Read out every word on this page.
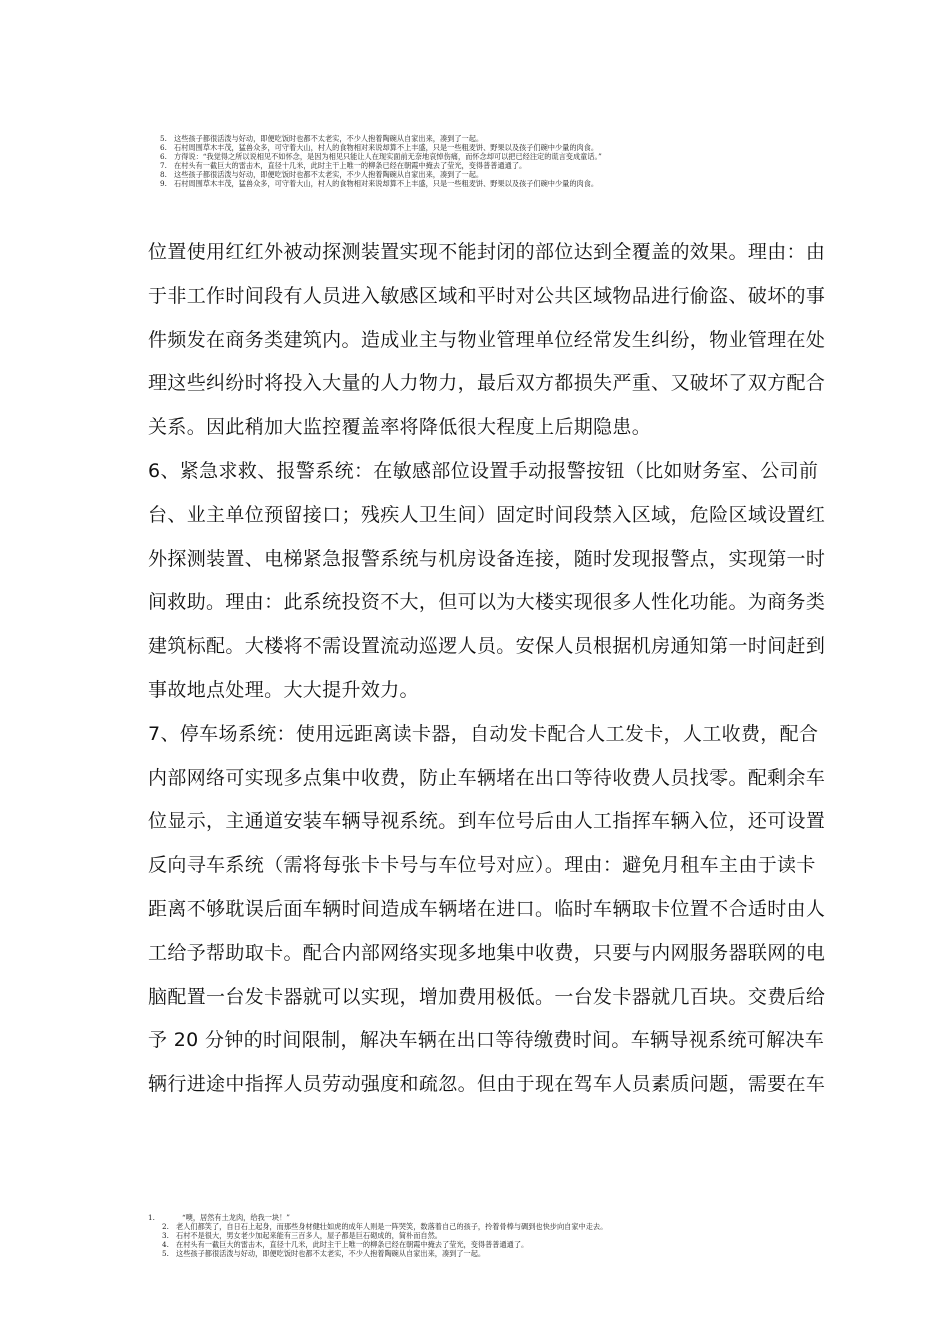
5. 这些孩子都很活泼与好动，即便吃饭时也都不太老实，不少人抱着陶碗从自家出来，凑到了一起。
6. 石村周围草木丰茂，猛兽众多，可守着大山，村人的食物相对来说却算不上丰盛，只是一些粗麦饼、野果以及孩子们碗中少量的肉食。
6. 方得说：“我觉得之所以说相见不如怀念，是因为相见只能让人在现实面前无奈地哀悼伤痛，而怀念却可以把已经注定的谎言变成童话。”
7. 在村头有一截巨大的雷击木，直径十几米，此时主干上唯一的柳条已经在朝霞中掩去了莹光，变得普普通通了。
8. 这些孩子都很活泼与好动，即便吃饭时也都不太老实，不少人抱着陶碗从自家出来，凑到了一起。
9. 石村周围草木丰茂，猛兽众多，可守着大山，村人的食物相对来说却算不上丰盛，只是一些粗麦饼、野果以及孩子们碗中少量的肉食。
位置使用红红外被动探测装置实现不能封闭的部位达到全覆盖的效果。理由：由
于非工作时间段有人员进入敏感区域和平时对公共区域物品进行偷盗、破坏的事
件频发在商务类建筑内。造成业主与物业管理单位经常发生纠纷，物业管理在处
理这些纠纷时将投入大量的人力物力，最后双方都损失严重、又破坏了双方配合
关系。因此稍加大监控覆盖率将降低很大程度上后期隐患。
6、紧急求救、报警系统：在敏感部位设置手动报警按钮（比如财务室、公司前
台、业主单位预留接口；残疾人卫生间）固定时间段禁入区域，危险区域设置红
外探测装置、电梯紧急报警系统与机房设备连接，随时发现报警点，实现第一时
间救助。理由：此系统投资不大，但可以为大楼实现很多人性化功能。为商务类
建筑标配。大楼将不需设置流动巡逻人员。安保人员根据机房通知第一时间赶到
事故地点处理。大大提升效力。
7、停车场系统：使用远距离读卡器，自动发卡配合人工发卡，人工收费，配合
内部网络可实现多点集中收费，防止车辆堵在出口等待收费人员找零。配剩余车
位显示，主通道安装车辆导视系统。到车位号后由人工指挥车辆入位，还可设置
反向寻车系统（需将每张卡卡号与车位号对应）。理由：避免月租车主由于读卡
距离不够耽误后面车辆时间造成车辆堵在进口。临时车辆取卡位置不合适时由人
工给予帮助取卡。配合内部网络实现多地集中收费，只要与内网服务器联网的电
脑配置一台发卡器就可以实现，增加费用极低。一台发卡器就几百块。交费后给
予 20 分钟的时间限制，解决车辆在出口等待缴费时间。车辆导视系统可解决车
辆行进途中指挥人员劳动强度和疏忽。但由于现在驾车人员素质问题，需要在车
1.	“噢，居然有土龙肉，给我一块！”
2. 老人们都笑了，自日石上起身，而那些身材健壮如虎的成年人则是一阵哭笑，数落着自己的孩子，拎着骨棒与碉到也快步向自家中走去。
3. 石村不是很大，男女老少加起来能有三百多人，屋子都是巨石砌成的，简朴而自然。
4. 在村头有一截巨大的雷击木，直径十几米，此时主干上唯一的柳条已经在朝霞中掩去了莹光，变得普普通通了。
5. 这些孩子都很活泼与好动，即便吃饭时也都不太老实，不少人抱着陶碗从自家出来，凑到了一起。
